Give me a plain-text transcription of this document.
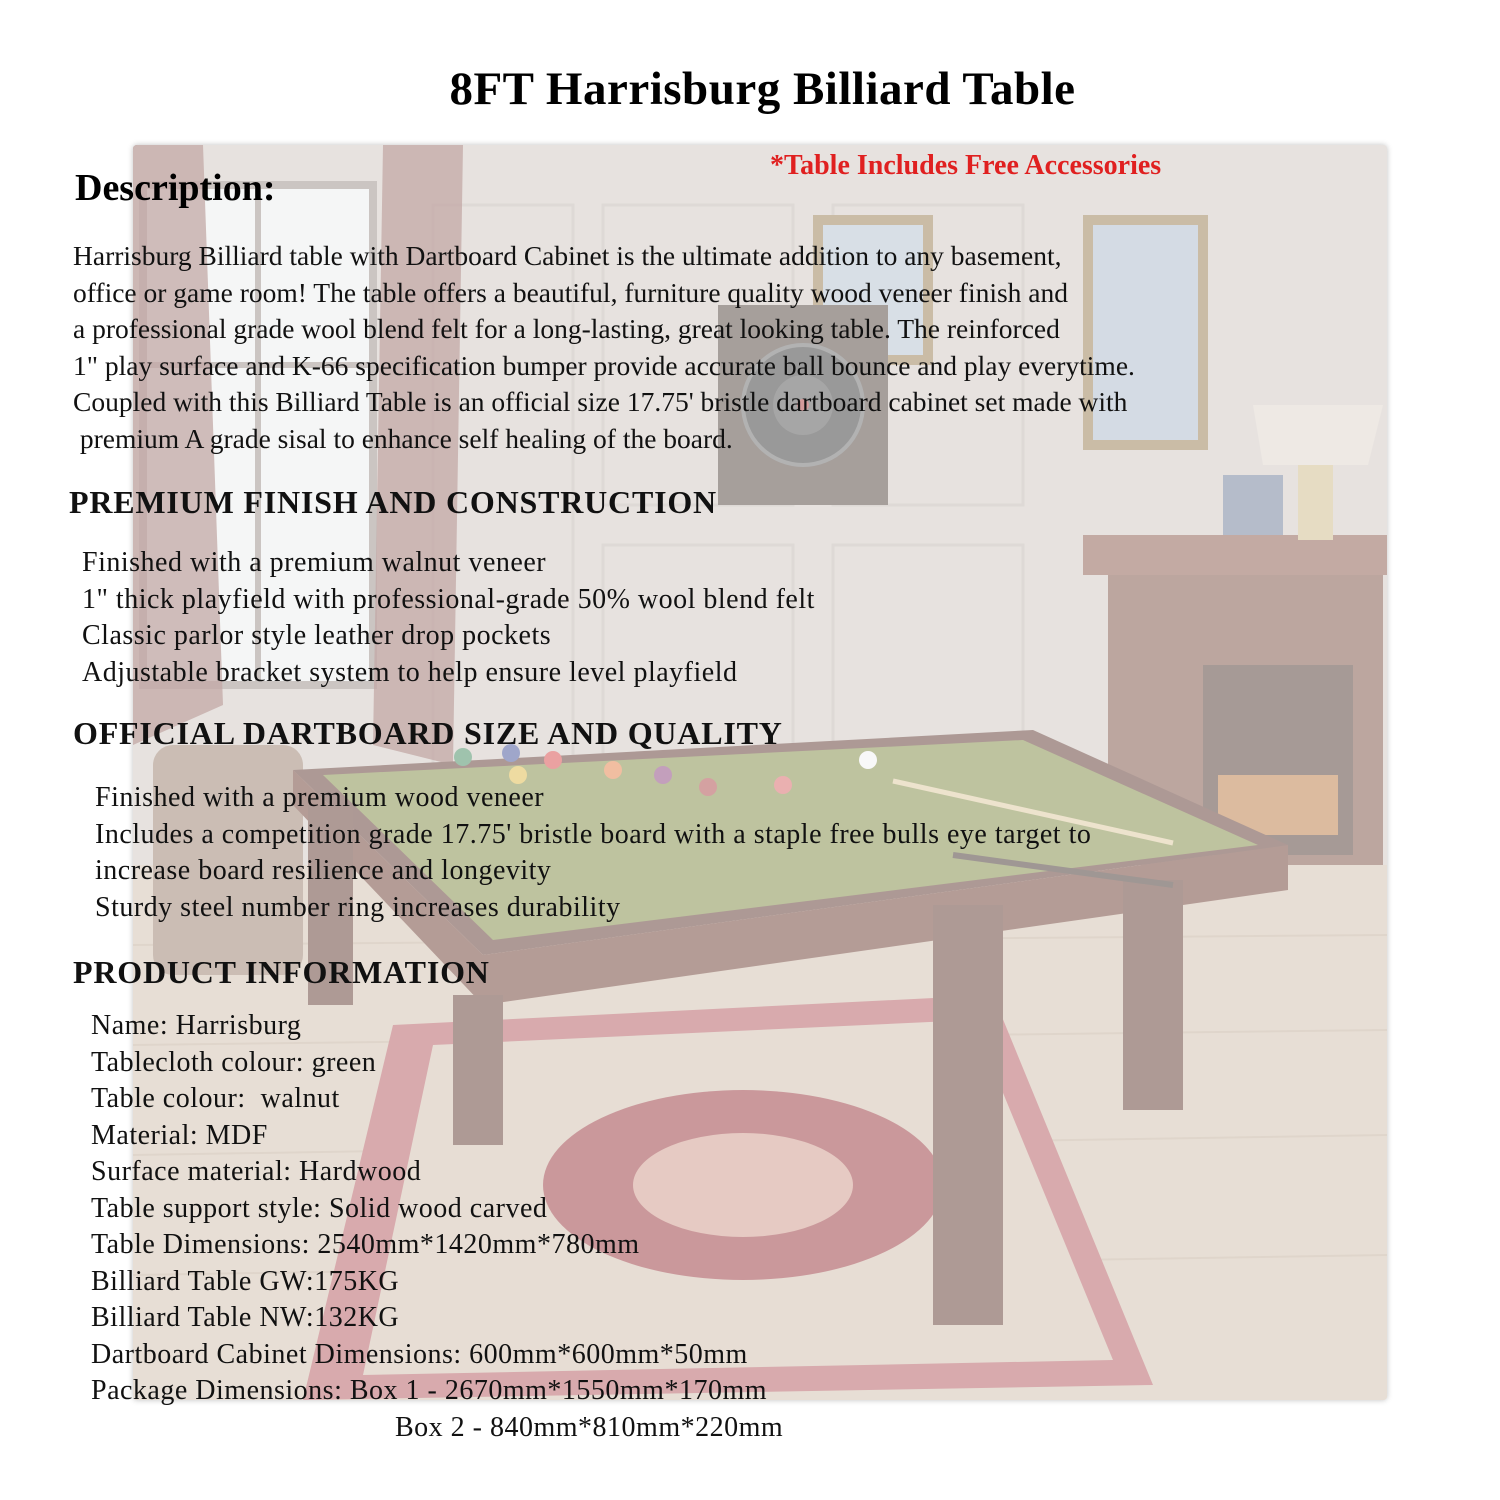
8FT Harrisburg Billiard Table
*Table Includes Free Accessories
Description:
Harrisburg Billiard table with Dartboard Cabinet is the ultimate addition to any basement,
office or game room! The table offers a beautiful, furniture quality wood veneer finish and
a professional grade wool blend felt for a long-lasting, great looking table. The reinforced
1" play surface and K-66 specification bumper provide accurate ball bounce and play everytime.
Coupled with this Billiard Table is an official size 17.75' bristle dartboard cabinet set made with
premium A grade sisal to enhance self healing of the board.
PREMIUM FINISH AND CONSTRUCTION
Finished with a premium walnut veneer
1" thick playfield with professional-grade 50% wool blend felt
Classic parlor style leather drop pockets
Adjustable bracket system to help ensure level playfield
OFFICIAL DARTBOARD SIZE AND QUALITY
Finished with a premium wood veneer
Includes a competition grade 17.75' bristle board with a staple free bulls eye target to
increase board resilience and longevity
Sturdy steel number ring increases durability
PRODUCT INFORMATION
Name: Harrisburg
Tablecloth colour: green
Table colour:  walnut
Material: MDF
Surface material: Hardwood
Table support style: Solid wood carved
Table Dimensions: 2540mm*1420mm*780mm
Billiard Table GW:175KG
Billiard Table NW:132KG
Dartboard Cabinet Dimensions: 600mm*600mm*50mm
Package Dimensions: Box 1 - 2670mm*1550mm*170mm
Box 2 - 840mm*810mm*220mm
